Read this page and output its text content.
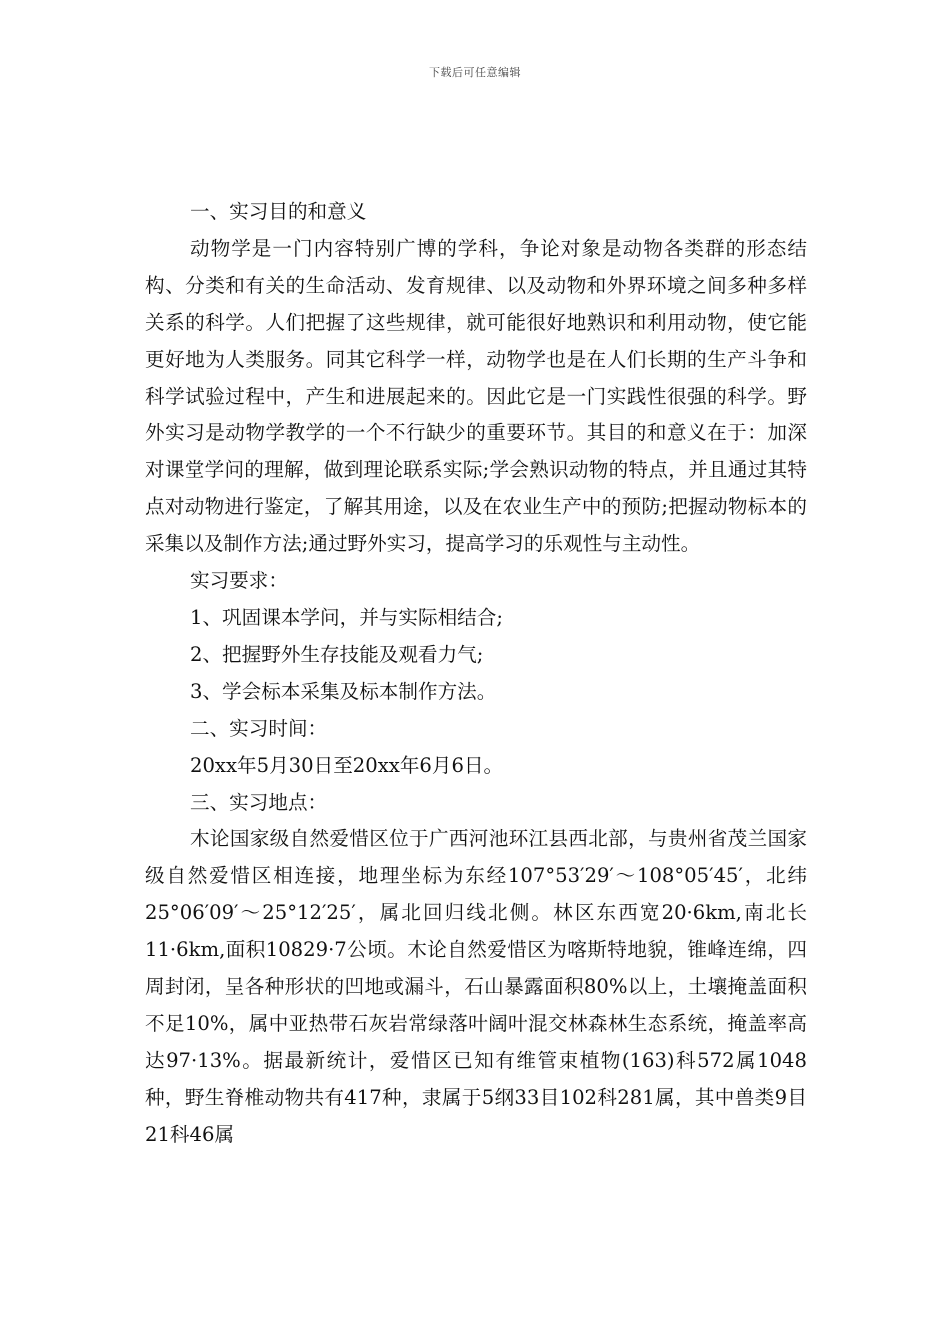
下载后可任意编辑

一、实习目的和意义

动物学是一门内容特别广博的学科，争论对象是动物各类群的形态结构、分类和有关的生命活动、发育规律、以及动物和外界环境之间多种多样关系的科学。人们把握了这些规律，就可能很好地熟识和利用动物，使它能更好地为人类服务。同其它科学一样，动物学也是在人们长期的生产斗争和科学试验过程中，产生和进展起来的。因此它是一门实践性很强的科学。野外实习是动物学教学的一个不行缺少的重要环节。其目的和意义在于：加深对课堂学问的理解，做到理论联系实际;学会熟识动物的特点，并且通过其特点对动物进行鉴定，了解其用途，以及在农业生产中的预防;把握动物标本的采集以及制作方法;通过野外实习，提高学习的乐观性与主动性。

实习要求：

1、巩固课本学问，并与实际相结合;

2、把握野外生存技能及观看力气;

3、学会标本采集及标本制作方法。

二、实习时间：

20xx年5月30日至20xx年6月6日。

三、实习地点：

木论国家级自然爱惜区位于广西河池环江县西北部，与贵州省茂兰国家级自然爱惜区相连接，地理坐标为东经107°53′29′～108°05′45′，北纬25°06′09′～25°12′25′，属北回归线北侧。林区东西宽20·6km,南北长11·6km,面积10829·7公顷。木论自然爱惜区为喀斯特地貌，锥峰连绵，四周封闭，呈各种形状的凹地或漏斗，石山暴露面积80%以上，土壤掩盖面积不足10%，属中亚热带石灰岩常绿落叶阔叶混交林森林生态系统，掩盖率高达97·13%。据最新统计，爱惜区已知有维管束植物(163)科572属1048种，野生脊椎动物共有417种，隶属于5纲33目102科281属，其中兽类9目21科46属
